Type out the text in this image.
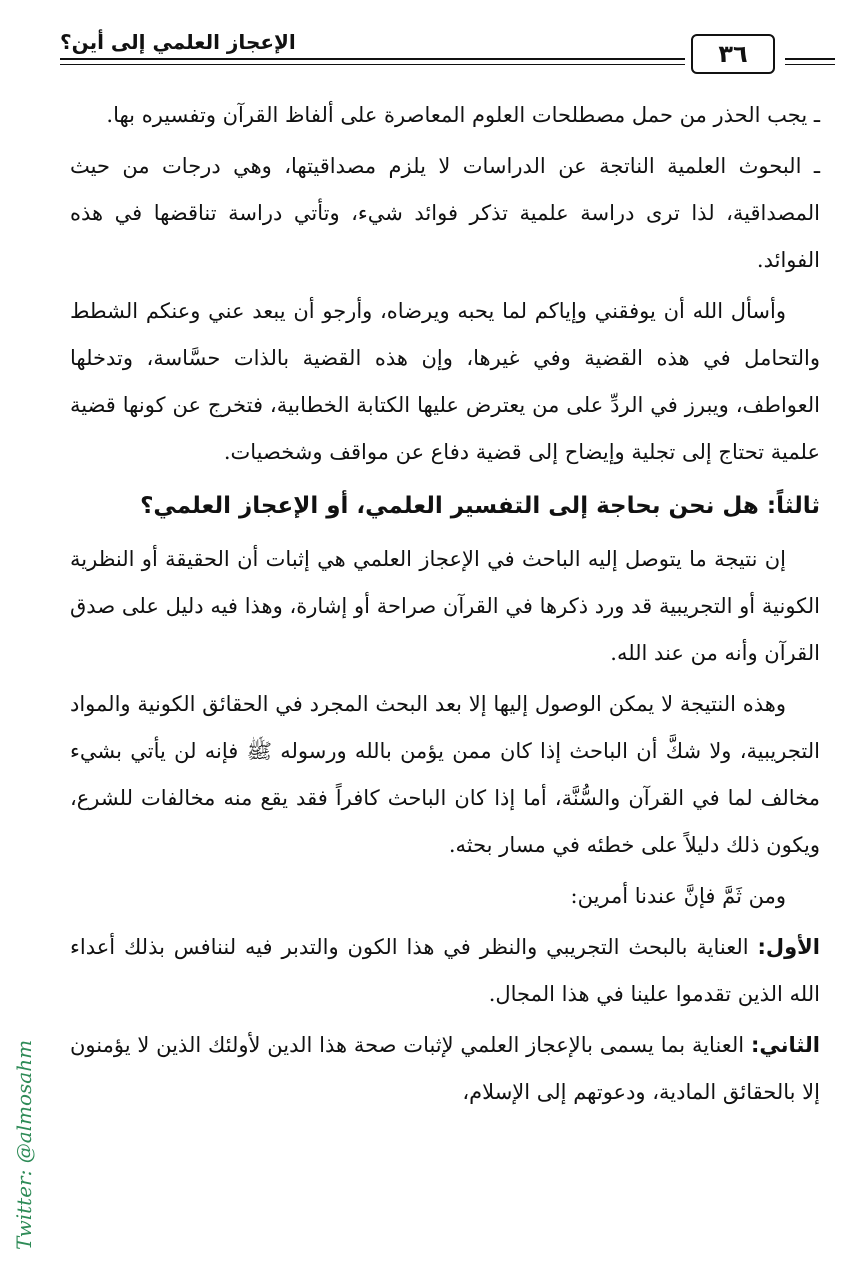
الإعجاز العلمي إلى أين؟	٣٦

ـ يجب الحذر من حمل مصطلحات العلوم المعاصرة على ألفاظ القرآن وتفسيره بها.

ـ البحوث العلمية الناتجة عن الدراسات لا يلزم مصداقيتها، وهي درجات من حيث المصداقية، لذا ترى دراسة علمية تذكر فوائد شيء، وتأتي دراسة تناقضها في هذه الفوائد.

وأسأل الله أن يوفقني وإياكم لما يحبه ويرضاه، وأرجو أن يبعد عني وعنكم الشطط والتحامل في هذه القضية وفي غيرها، وإن هذه القضية بالذات حسَّاسة، وتدخلها العواطف، ويبرز في الردِّ على من يعترض عليها الكتابة الخطابية، فتخرج عن كونها قضية علمية تحتاج إلى تجلية وإيضاح إلى قضية دفاع عن مواقف وشخصيات.

ثالثاً: هل نحن بحاجة إلى التفسير العلمي، أو الإعجاز العلمي؟

إن نتيجة ما يتوصل إليه الباحث في الإعجاز العلمي هي إثبات أن الحقيقة أو النظرية الكونية أو التجريبية قد ورد ذكرها في القرآن صراحة أو إشارة، وهذا فيه دليل على صدق القرآن وأنه من عند الله.

وهذه النتيجة لا يمكن الوصول إليها إلا بعد البحث المجرد في الحقائق الكونية والمواد التجريبية، ولا شكَّ أن الباحث إذا كان ممن يؤمن بالله ورسوله ﷺ فإنه لن يأتي بشيء مخالف لما في القرآن والسُّنَّة، أما إذا كان الباحث كافراً فقد يقع منه مخالفات للشرع، ويكون ذلك دليلاً على خطئه في مسار بحثه.

ومن ثَمَّ فإنَّ عندنا أمرين:

الأول: العناية بالبحث التجريبي والنظر في هذا الكون والتدبر فيه لننافس بذلك أعداء الله الذين تقدموا علينا في هذا المجال.

الثاني: العناية بما يسمى بالإعجاز العلمي لإثبات صحة هذا الدين لأولئك الذين لا يؤمنون إلا بالحقائق المادية، ودعوتهم إلى الإسلام،

Twitter: @almosahm
